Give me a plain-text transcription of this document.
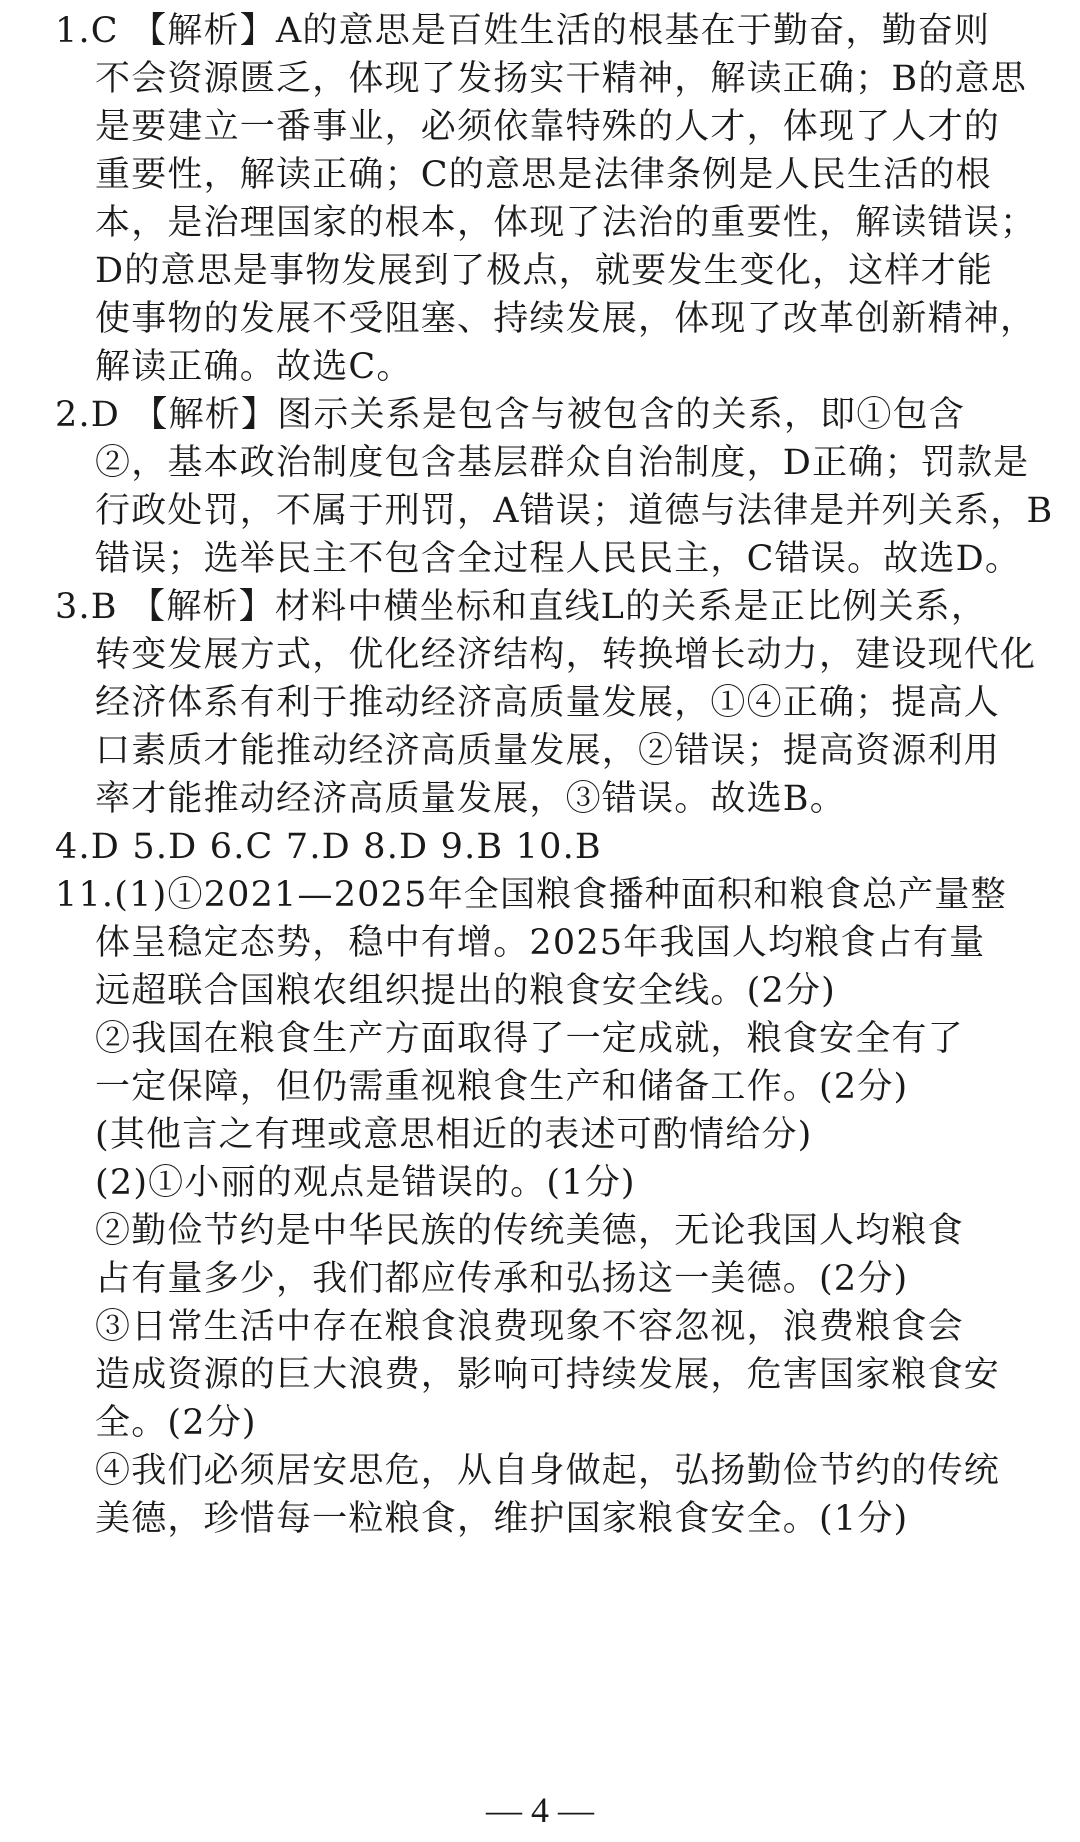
1.C 【解析】A的意思是百姓生活的根基在于勤奋，勤奋则
不会资源匮乏，体现了发扬实干精神，解读正确；B的意思
是要建立一番事业，必须依靠特殊的人才，体现了人才的
重要性，解读正确；C的意思是法律条例是人民生活的根
本，是治理国家的根本，体现了法治的重要性，解读错误；
D的意思是事物发展到了极点，就要发生变化，这样才能
使事物的发展不受阻塞、持续发展，体现了改革创新精神，
解读正确。故选C。
2.D 【解析】图示关系是包含与被包含的关系，即①包含
②，基本政治制度包含基层群众自治制度，D正确；罚款是
行政处罚，不属于刑罚，A错误；道德与法律是并列关系，B
错误；选举民主不包含全过程人民民主，C错误。故选D。
3.B 【解析】材料中横坐标和直线L的关系是正比例关系，
转变发展方式，优化经济结构，转换增长动力，建设现代化
经济体系有利于推动经济高质量发展，①④正确；提高人
口素质才能推动经济高质量发展，②错误；提高资源利用
率才能推动经济高质量发展，③错误。故选B。
4.D 5.D 6.C 7.D 8.D 9.B 10.B
11.(1)①2021—2025年全国粮食播种面积和粮食总产量整
体呈稳定态势，稳中有增。2025年我国人均粮食占有量
远超联合国粮农组织提出的粮食安全线。(2分)
②我国在粮食生产方面取得了一定成就，粮食安全有了
一定保障，但仍需重视粮食生产和储备工作。(2分)
(其他言之有理或意思相近的表述可酌情给分)
(2)①小丽的观点是错误的。(1分)
②勤俭节约是中华民族的传统美德，无论我国人均粮食
占有量多少，我们都应传承和弘扬这一美德。(2分)
③日常生活中存在粮食浪费现象不容忽视，浪费粮食会
造成资源的巨大浪费，影响可持续发展，危害国家粮食安
全。(2分)
④我们必须居安思危，从自身做起，弘扬勤俭节约的传统
美德，珍惜每一粒粮食，维护国家粮食安全。(1分)
— 4 —
